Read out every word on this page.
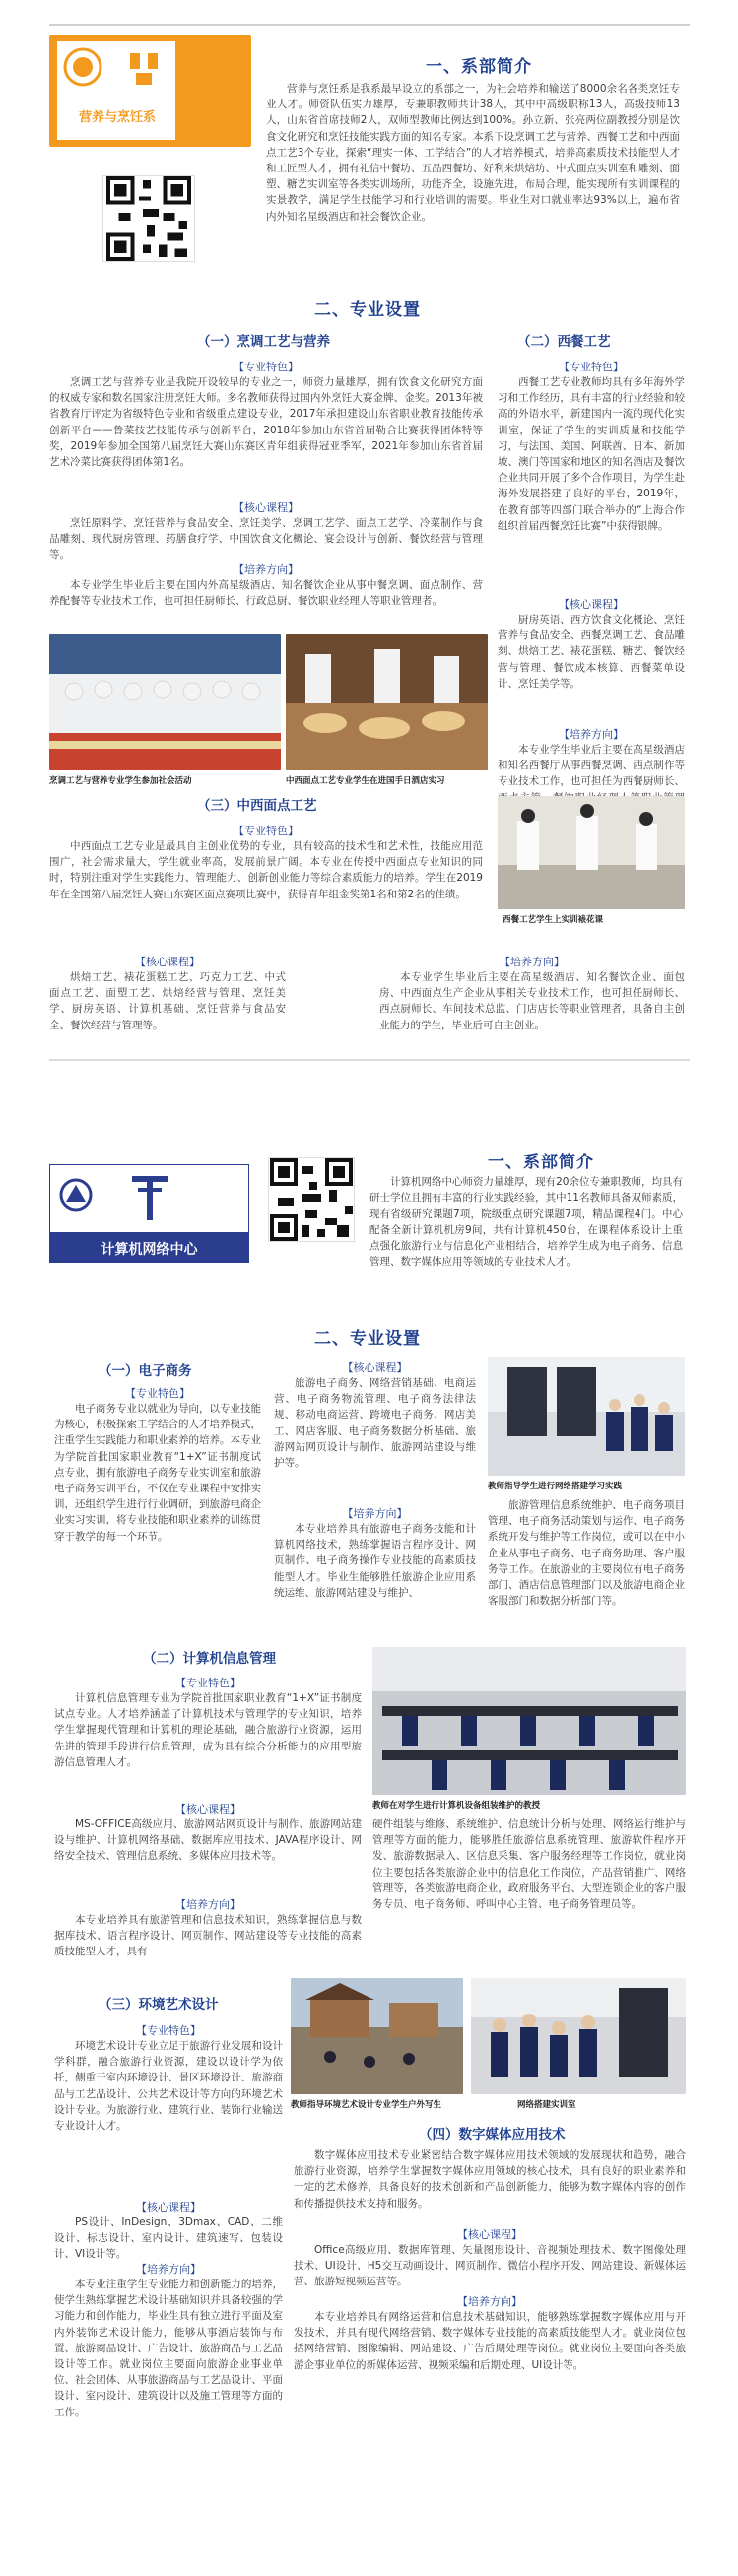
营养与烹饪系
一、系部简介
营养与烹饪系是我系最早设立的系部之一，为社会培养和输送了8000余名各类烹饪专业人才。师资队伍实力雄厚，专兼职教师共计38人，其中中高级职称13人，高级技师13人，山东省首席技师2人，双师型教师比例达到100%。孙立新、张亮两位副教授分别是饮食文化研究和烹饪技能实践方面的知名专家。本系下设烹调工艺与营养、西餐工艺和中西面点工艺3个专业，探索“理实一体、工学结合”的人才培养模式，培养高素质技术技能型人才和工匠型人才，拥有礼信中餐坊、五品西餐坊、好利来烘焙坊、中式面点实训室和雕刻、面塑、糖艺实训室等各类实训场所，功能齐全，设施先进，布局合理，能实现所有实训课程的实景教学，满足学生技能学习和行业培训的需要。毕业生对口就业率达93%以上，遍布省内外知名星级酒店和社会餐饮企业。
二、专业设置
（一）烹调工艺与营养	（二）西餐工艺
【专业特色】
烹调工艺与营养专业是我院开设较早的专业之一，师资力量雄厚，拥有饮食文化研究方面的权威专家和数名国家注册烹饪大师。多名教师获得过国内外烹饪大赛金牌、金奖。2013年被省教育厅评定为省级特色专业和省级重点建设专业，2017年承担建设山东省职业教育技能传承创新平台——鲁菜技艺技能传承与创新平台，2018年参加山东省首届勒合比赛获得团体特等奖，2019年参加全国第八届烹饪大赛山东赛区青年组获得冠亚季军，2021年参加山东省首届艺术冷菜比赛获得团体第1名。
【核心课程】
烹饪原料学、烹饪营养与食品安全、烹饪美学、烹调工艺学、面点工艺学、冷菜制作与食品雕刻、现代厨房管理、药膳食疗学、中国饮食文化概论、宴会设计与创新、餐饮经营与管理等。
【培养方向】
本专业学生毕业后主要在国内外高星级酒店、知名餐饮企业从事中餐烹调、面点制作、营养配餐等专业技术工作，也可担任厨师长、行政总厨、餐饮职业经理人等职业管理者。
【专业特色】
西餐工艺专业教师均具有多年海外学习和工作经历，具有丰富的行业经验和较高的外语水平，新建国内一流的现代化实训室，保证了学生的实训质量和技能学习，与法国、美国、阿联酋、日本、新加坡、澳门等国家和地区的知名酒店及餐饮企业共同开展了多个合作项目，为学生赴海外发展搭建了良好的平台，2019年，在教育部等四部门联合举办的“上海合作组织首届西餐烹饪比赛”中获得银牌。
【核心课程】
厨房英语、西方饮食文化概论、烹饪营养与食品安全、西餐烹调工艺、食品雕刻、烘焙工艺、裱花蛋糕、糖艺、餐饮经营与管理、餐饮成本核算、西餐菜单设计、烹饪美学等。
【培养方向】
本专业学生毕业后主要在高星级酒店和知名西餐厅从事西餐烹调、西点制作等专业技术工作，也可担任为西餐厨师长、
烹调工艺与营养专业学生参加社会活动	中西面点工艺专业学生在进国手日酒店实习
（三）中西面点工艺
【专业特色】
中西面点工艺专业是最具自主创业优势的专业，具有较高的技术性和艺术性，技能应用范围广，社会需求量大，学生就业率高，发展前景广阔。本专业在传授中西面点专业知识的同时，特别注重对学生实践能力、管理能力、创新创业能力等综合素质能力的培养。学生在2019年在全国第八届烹饪大赛山东赛区面点赛项比赛中，获得青年组金奖第1名和第2名的佳绩。
西餐工艺学生上实训裱花课
【核心课程】
烘焙工艺、裱花蛋糕工艺、巧克力工艺、中式面点工艺、面塑工艺、烘焙经营与管理、烹饪美学、厨房英语、计算机基础、烹饪营养与食品安全、餐饮经营与管理等。
【培养方向】
本专业学生毕业后主要在高星级酒店、知名餐饮企业、面包房、中西面点生产企业从事相关专业技术工作，也可担任厨师长、西点厨师长、车间技术总监、门店店长等职业管理者，具备自主创业能力的学生，毕业后可自主创业。
计算机网络中心
一、系部简介
计算机网络中心师资力量雄厚，现有20余位专兼职教师，均具有研士学位且拥有丰富的行业实践经验，其中11名教师具备双师素质，现有省级研究课题7项，院级重点研究课题7项，精品课程4门。中心配备全新计算机机房9间，共有计算机450台，在课程体系设计上重点强化旅游行业与信息化产业相结合，培养学生成为电子商务、信息管理、数字媒体应用等领域的专业技术人才。
二、专业设置
（一）电子商务
【专业特色】
电子商务专业以就业为导向，以专业技能为核心，积极探索工学结合的人才培养模式，注重学生实践能力和职业素养的培养。本专业为学院首批国家职业教育“1+X”证书制度试点专业，拥有旅游电子商务专业实训室和旅游电子商务实训平台，不仅在专业课程中安排实训，还组织学生进行行业调研，到旅游电商企业实习实训，将专业技能和职业素养的训练贯穿于教学的每一个环节。
【核心课程】
旅游电子商务、网络营销基础、电商运营、电子商务物流管理、电子商务法律法规、移动电商运营、跨境电子商务、网店美工、网店客服、电子商务数据分析基础、旅游网站网页设计与制作、旅游网站建设与维护等。
【培养方向】
本专业培养具有旅游电子商务技能和计算机网络技术，熟练掌握语言程序设计、网页制作、电子商务操作专业技能的高素质技能型人才。毕业生能够胜任旅游企业应用系统运维、旅游网站建设与维护、
教师指导学生进行网络搭建学习实践
旅游管理信息系统维护、电子商务项目管理、电子商务活动策划与运作、电子商务系统开发与维护等工作岗位，或可以在中小企业从事电子商务、电子商务助理、客户服务等工作。在旅游业的主要岗位有电子商务部门、酒店信息管理部门以及旅游电商企业客服部门和数据分析部门等。
（二）计算机信息管理
【专业特色】
计算机信息管理专业为学院首批国家职业教育“1+X”证书制度试点专业。人才培养涵盖了计算机技术与管理学的专业知识，培养学生掌握现代管理和计算机的理论基础，融合旅游行业资源，运用先进的管理手段进行信息管理，成为具有综合分析能力的应用型旅游信息管理人才。
教师在对学生进行计算机设备组装维护的教授
【核心课程】
MS-OFFICE高级应用、旅游网站网页设计与制作、旅游网站建设与维护、计算机网络基础、数据库应用技术、JAVA程序设计、网络安全技术、管理信息系统、多媒体应用技术等。
【培养方向】
本专业培养具有旅游管理和信息技术知识，熟练掌握信息与数据库技术、语言程序设计、网页制作、网站建设等专业技能的高素质技能型人才，具有
硬件组装与维修、系统维护、信息统计分析与处理、网络运行维护与管理等方面的能力，能够胜任旅游信息系统管理、旅游软件程序开发、旅游数据录入、区信息采集、客户服务经理等工作岗位，就业岗位主要包括各类旅游企业中的信息化工作岗位，产品营销推广、网络管理等，各类旅游电商企业，政府服务平台、大型连锁企业的客户服务专员、电子商务师、呼叫中心主管、电子商务管理员等。
（三）环境艺术设计
教师指导环境艺术设计专业学生户外写生	网络搭建实训室
【专业特色】
环境艺术设计专业立足于旅游行业发展和设计学科群，融合旅游行业资源，建设以设计学为依托，侧重于室内环境设计、景区环境设计、旅游商品与工艺品设计、公共艺术设计等方向的环境艺术设计专业。为旅游行业、建筑行业、装饰行业输送专业设计人才。
【核心课程】
PS设计、InDesign、3Dmax、CAD、二维设计、标志设计、室内设计、建筑速写、包装设计、VI设计等。
【培养方向】
本专业注重学生专业能力和创新能力的培养，使学生熟练掌握艺术设计基础知识并具备较强的学习能力和创作能力，毕业生具有独立进行平面及室内外装饰艺术设计能力，能够从事酒店装饰与布置、旅游商品设计、广告设计、旅游商品与工艺品设计等工作。就业岗位主要面向旅游企业事业单位、社会团体、从事旅游商品与工艺品设计、平面设计、室内设计、建筑设计以及施工管理等方面的工作。
（四）数字媒体应用技术
数字媒体应用技术专业紧密结合数字媒体应用技术领域的发展现状和趋势，融合旅游行业资源，培养学生掌握数字媒体应用领域的核心技术，具有良好的职业素养和一定的艺术修养，具备良好的技术创新和产品创新能力，能够为数字媒体内容的创作和传播提供技术支持和服务。
【核心课程】
Office高级应用、数据库管理、矢量图形设计、音视频处理技术、数字图像处理技术、UI设计、H5交互动画设计、网页制作、微信小程序开发、网站建设、新媒体运营、旅游短视频运营等。
【培养方向】
本专业培养具有网络运营和信息技术基础知识，能够熟练掌握数字媒体应用与开发技术，并具有现代网络营销、数字媒体专业技能的高素质技能型人才。就业岗位包括网络营销、图像编辑、网站建设、广告后期处理等岗位。就业岗位主要面向各类旅游企事业单位的新媒体运营、视频采编和后期处理、UI设计等。
